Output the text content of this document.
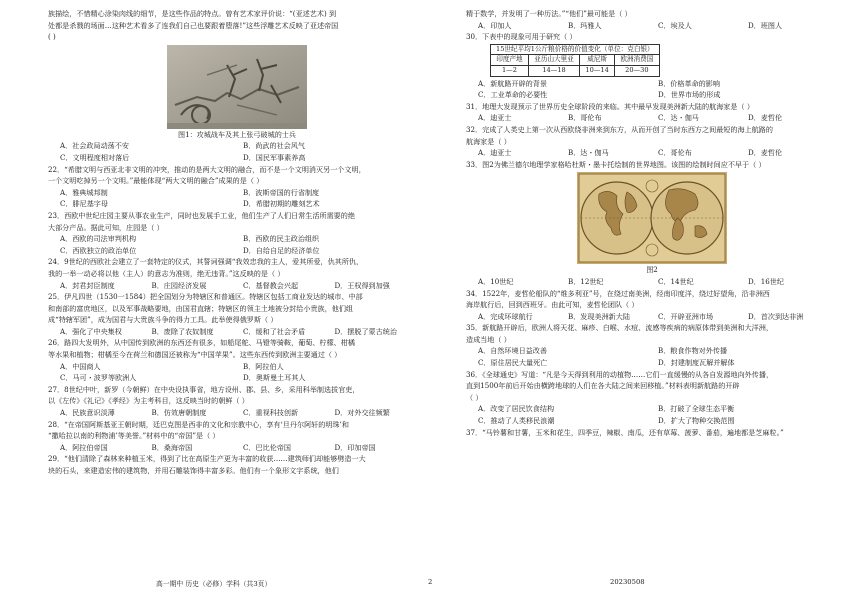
族描绘，不惜精心涂染肉线的细节，是这些作品的特点。曾有艺术家评价说：“(亚述艺术) 到

处都是杀戮的场面…这种艺术看多了连我们自己也要跟着堕落!”这些浮雕艺术反映了亚述帝国

( )

图1：攻城战车及其上张弓破城的士兵

A．社会政局动荡不安	B．尚武的社会风气
C．文明程度相对落后	D．国民军事素养高

22．“希腊文明与西亚北非文明的冲突，推动的是两大文明的融合，而不是一个文明消灭另一个文明，

一个文明吃掉另一个文明。”最能体现“两大文明的融合”成果的是（ ）

A．雅典城邦制	B．波斯帝国的行省制度
C．腓尼基字母	D．希腊初期的雕刻艺术

23．西欧中世纪庄园主要从事农业生产，同时也发展手工业，他们生产了人们日常生活所需要的绝

大部分产品。据此可知，庄园是（ ）

A．西欧的司法审判机构	B．西欧的民主政治组织
C．西欧独立的政治单位	D．自给自足的经济单位

24．9世纪的西欧社会建立了一套特定的仪式，其誓词强调“我效忠我的主人，爱其所爱，仇其所仇，

我的一举一动必将以他（主人）的意志为准则，绝无违背。”这反映的是（ ）

A．封君封臣制度	B．庄园经济发展	C．基督教会兴起	D．王权得到加强

25．伊凡四世（1530一1584）把全国划分为特辖区和普通区。特辖区包括工商业发达的城市、中部

和南部的富庶地区，以及军事战略要地，由国君直辖；特辖区的领主土地被分封给小贵族，他们组

成“特辖军团”，成为国君与大贵族斗争的得力工具。此举使得俄罗斯（ ）

A．强化了中央集权	B．废除了农奴制度	C．缓和了社会矛盾	D．摆脱了蒙古统治

26．路四大发明外，从中国传到欧洲的东西还有很多，如船尾舵、马镫等骑鞍，葡萄、柠檬、柑橘

等水果和植物；柑橘至今在荷兰和德国还被称为“中国苹果”。这些东西传到欧洲主要通过（ ）

A．中国商人	B．阿拉伯人
C．马可・波罗等欧洲人	D．奥斯曼土耳其人

27．8世纪中叶，新罗（今朝鲜）在中央设执事省，地方设州、郡、县、乡，采用科举制选拔官吏，

以《左传》《礼记》《孝经》为主考科目，这反映当时的朝鲜（ ）

A．民族意识淡薄	B．仿效唐朝制度	C．重视科技创新	D．对外交往频繁

28．“在帝国阿斯基亚王朝时期，廷巴克图是西非的文化和宗教中心，享有‘旦丹尔阿轩的明珠’和

“撒哈拉以南的利物浦’等美誉。”材料中的“帝国”是（ ）

A．阿拉伯帝国	B．桑海帝国	C．巴比伦帝国	D．印加帝国

29．“他们清除了森林来种植玉米，得到了比在高原生产更为丰富的收获……建筑师们却能够劈造一大

块的石头，来建造宏伟的建筑物，并用石雕装饰得丰富多彩。他们有一个象形文字系统，他们

精于数学，并发明了一种历法。”“他们”最可能是（ ）

A．印加人	B．玛雅人	C．埃及人	D．班图人

30．下表中的现象可用于研究（ ）

15世纪平均1公斤粮价格的价值变化（单位：克白银）			
印度产地	亚历山大里亚	威尼斯	欧洲消费国
1—2	14—18	10—14	20—30
A．新航路开辟的背景	B．价格革命的影响
C．工业革命的必要性	D．世界市场的形成

31．地理大发现预示了世界历史全球阶段的来临。其中最早发现美洲新大陆的航海家是（ ）

A．迪亚士	B．哥伦布	C．达・伽马	D．麦哲伦

32．完成了人类史上第一次从西欧绕非洲来到东方，从而开创了当时东西方之间最短的海上航路的

航海家是（ ）

A．迪亚士	B．达・伽马	C．哥伦布	D．麦哲伦

33．图2为佛兰德尔地理学家格哈杜斯・墨卡托绘制的世界地图。该图的绘制时间应不早于（ ）

图2

A．10世纪	B．12世纪	C．14世纪	D．16世纪

34．1522年，麦哲伦船队的“维多利亚”号，在绕过南美洲，经南印度洋，绕过好望角，沿非洲西

海岸航行后，回到西班牙。由此可知，麦哲伦团队（ ）

A．完成环球航行	B．发现美洲新大陆	C．开辟亚洲市场	D．首次到达非洲

35．新航路开辟后，欧洲人将天花、麻疹、白喉、水痘、流感等疾病的病原体带到美洲和大洋洲，

造成当地（ ）

A．自然环境日益改善	B．粮食作物对外传播
C．原住居民大量死亡	D．封建制度瓦解并解体

36．《全球通史》写道：“凡是今天得到利用的动植物……它们一直缓慢的从各自发源地向外传播，

直到1500年前后开始由横跨地球的人们在各大陆之间来回移植。”材料表明新航路的开辟

（ ）

A．改变了居民饮食结构	B．打破了全球生态平衡
C．推动了人类移民浪潮	D．扩大了物种交换范围

37．“马铃薯和甘薯，玉米和花生，四季豆，辣椒、南瓜，还有草莓、菠萝、番茄，遍地都是芝麻粒。”

高一期中 历史（必修）学科（共3页）	2	20230508
